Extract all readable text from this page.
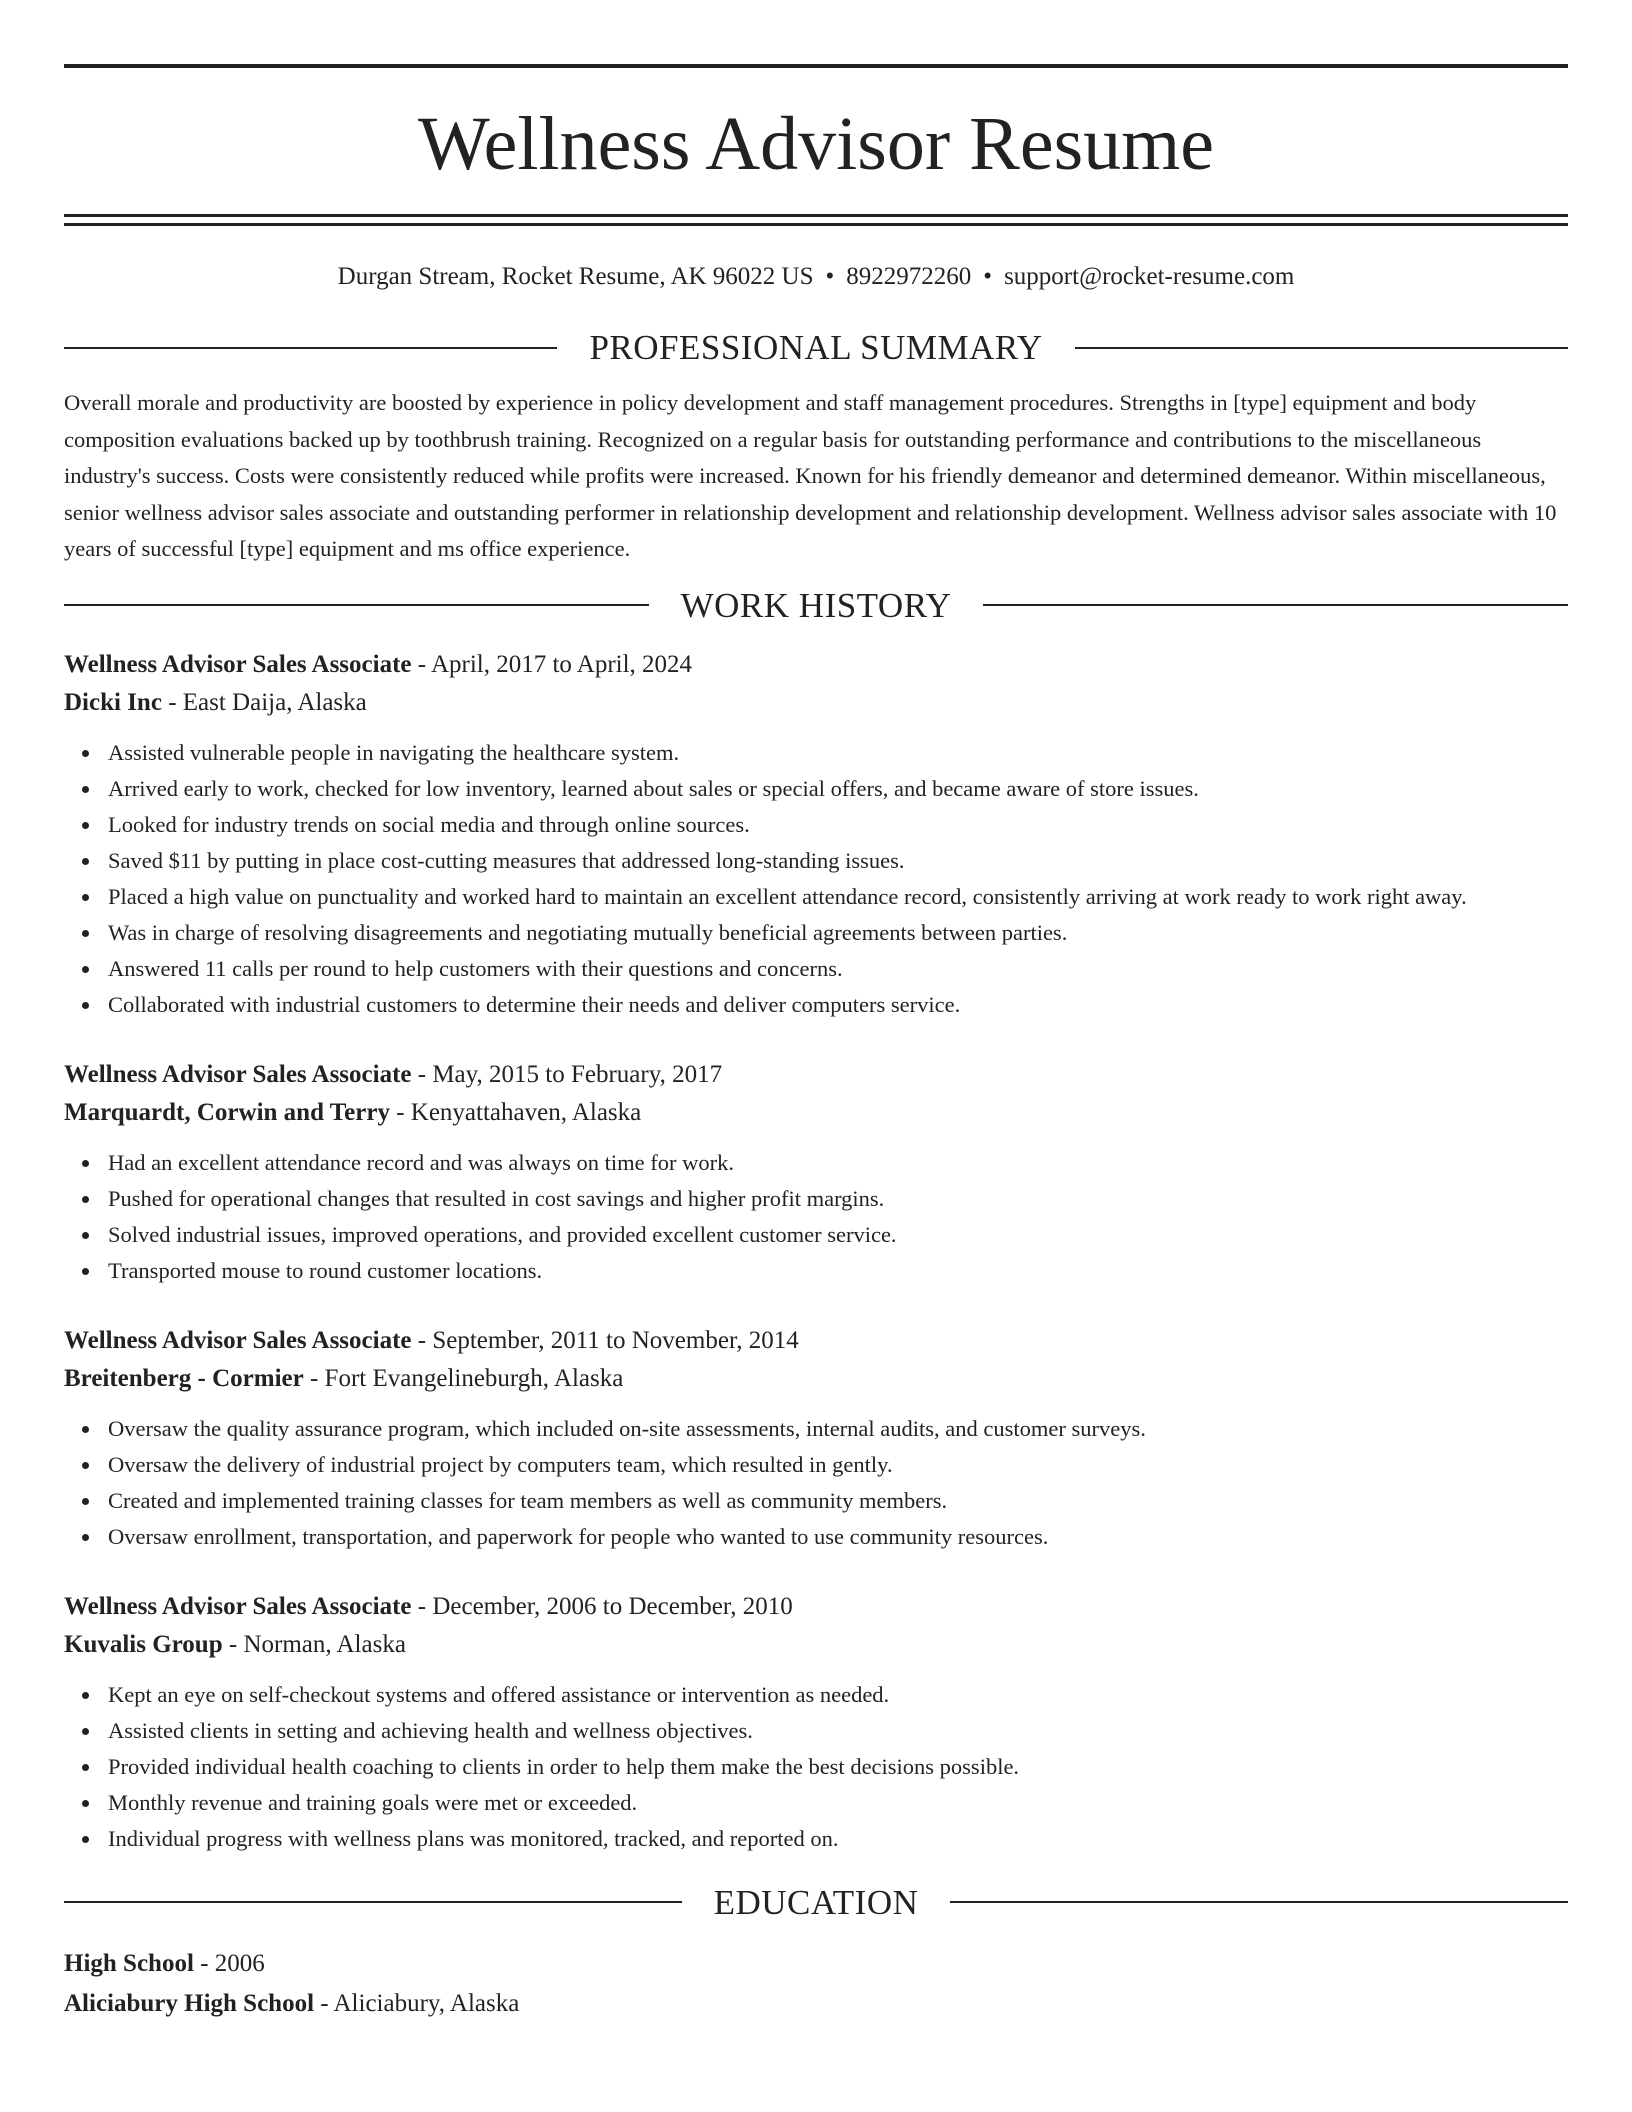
Wellness Advisor Resume
Durgan Stream, Rocket Resume, AK 96022 US • 8922972260 • support@rocket-resume.com
PROFESSIONAL SUMMARY

Overall morale and productivity are boosted by experience in policy development and staff management procedures. Strengths in [type] equipment and body composition evaluations backed up by toothbrush training. Recognized on a regular basis for outstanding performance and contributions to the miscellaneous industry's success. Costs were consistently reduced while profits were increased. Known for his friendly demeanor and determined demeanor. Within miscellaneous, senior wellness advisor sales associate and outstanding performer in relationship development and relationship development. Wellness advisor sales associate with 10 years of successful [type] equipment and ms office experience.

WORK HISTORY
Wellness Advisor Sales Associate - April, 2017 to April, 2024
Dicki Inc - East Daija, Alaska
Assisted vulnerable people in navigating the healthcare system.
Arrived early to work, checked for low inventory, learned about sales or special offers, and became aware of store issues.
Looked for industry trends on social media and through online sources.
Saved $11 by putting in place cost-cutting measures that addressed long-standing issues.
Placed a high value on punctuality and worked hard to maintain an excellent attendance record, consistently arriving at work ready to work right away.
Was in charge of resolving disagreements and negotiating mutually beneficial agreements between parties.
Answered 11 calls per round to help customers with their questions and concerns.
Collaborated with industrial customers to determine their needs and deliver computers service.
Wellness Advisor Sales Associate - May, 2015 to February, 2017
Marquardt, Corwin and Terry - Kenyattahaven, Alaska
Had an excellent attendance record and was always on time for work.
Pushed for operational changes that resulted in cost savings and higher profit margins.
Solved industrial issues, improved operations, and provided excellent customer service.
Transported mouse to round customer locations.
Wellness Advisor Sales Associate - September, 2011 to November, 2014
Breitenberg - Cormier - Fort Evangelineburgh, Alaska
Oversaw the quality assurance program, which included on-site assessments, internal audits, and customer surveys.
Oversaw the delivery of industrial project by computers team, which resulted in gently.
Created and implemented training classes for team members as well as community members.
Oversaw enrollment, transportation, and paperwork for people who wanted to use community resources.
Wellness Advisor Sales Associate - December, 2006 to December, 2010
Kuvalis Group - Norman, Alaska
Kept an eye on self-checkout systems and offered assistance or intervention as needed.
Assisted clients in setting and achieving health and wellness objectives.
Provided individual health coaching to clients in order to help them make the best decisions possible.
Monthly revenue and training goals were met or exceeded.
Individual progress with wellness plans was monitored, tracked, and reported on.
EDUCATION
High School - 2006
Aliciabury High School - Aliciabury, Alaska
